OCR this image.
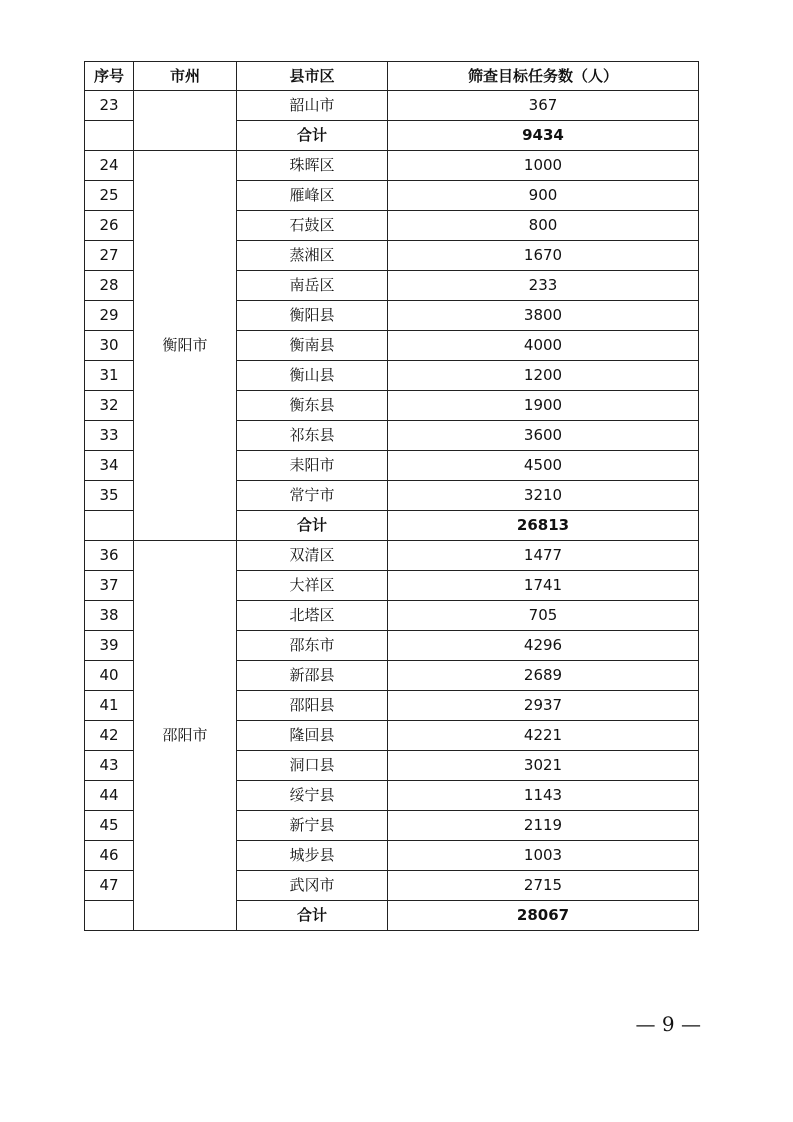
序号	市州	县市区	筛查目标任务数（人）
23		韶山市	367
		合计	9434
24	衡阳市	珠晖区	1000
25		雁峰区	900
26		石鼓区	800
27		蒸湘区	1670
28		南岳区	233
29		衡阳县	3800
30		衡南县	4000
31		衡山县	1200
32		衡东县	1900
33		祁东县	3600
34		耒阳市	4500
35		常宁市	3210
		合计	26813
36	邵阳市	双清区	1477
37		大祥区	1741
38		北塔区	705
39		邵东市	4296
40		新邵县	2689
41		邵阳县	2937
42		隆回县	4221
43		洞口县	3021
44		绥宁县	1143
45		新宁县	2119
46		城步县	1003
47		武冈市	2715
		合计	28067
— 9 —
